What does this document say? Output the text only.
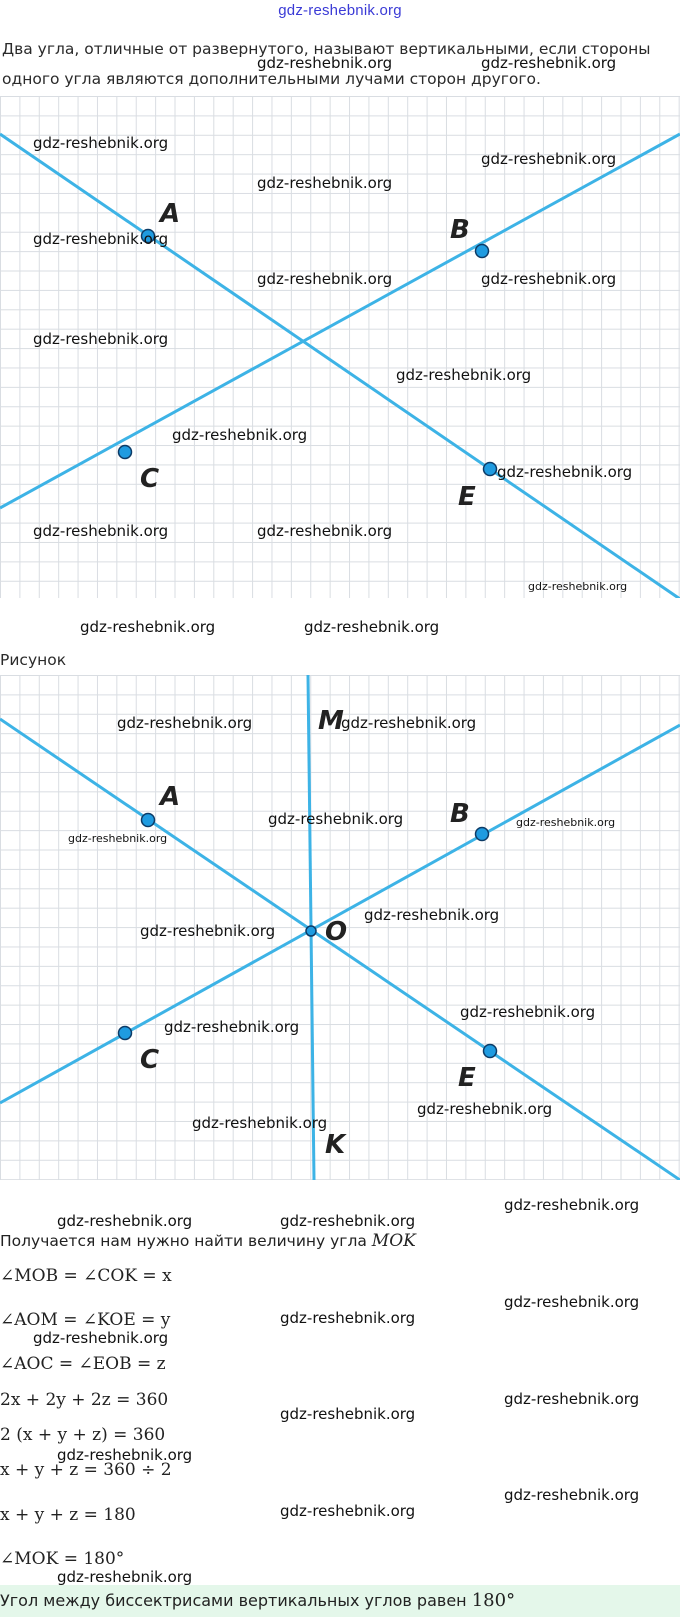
gdz-reshebnik.org
Два угла, отличные от развернутого, называют вертикальными, если стороны одного угла являются дополнительными лучами сторон другого.
A
B
C
E
Рисунок
A
B
C
E
M
K
O
Получается нам нужно найти величину угла MOK
∠MOB = ∠COK = x
∠AOM = ∠KOE = y
∠AOC = ∠EOB = z
2x + 2y + 2z = 360
2 (x + y + z) = 360
x + y + z = 360 ÷ 2
x + y + z = 180
∠MOK = 180°
Угол между биссектрисами вертикальных углов равен 180°
gdz-reshebnik.org	gdz-reshebnik.org
gdz-reshebnik.org
gdz-reshebnik.org
gdz-reshebnik.org
gdz-reshebnik.org
gdz-reshebnik.org	gdz-reshebnik.org
gdz-reshebnik.org
gdz-reshebnik.org
gdz-reshebnik.org
gdz-reshebnik.org
gdz-reshebnik.org	gdz-reshebnik.org
gdz-reshebnik.org
gdz-reshebnik.org	gdz-reshebnik.org
gdz-reshebnik.org	gdz-reshebnik.org
gdz-reshebnik.org
gdz-reshebnik.org	gdz-reshebnik.org
gdz-reshebnik.org
gdz-reshebnik.org
gdz-reshebnik.org
gdz-reshebnik.org
gdz-reshebnik.org
gdz-reshebnik.org
gdz-reshebnik.org
gdz-reshebnik.org	gdz-reshebnik.org
gdz-reshebnik.org
gdz-reshebnik.org
gdz-reshebnik.org
gdz-reshebnik.org
gdz-reshebnik.org
gdz-reshebnik.org
gdz-reshebnik.org
gdz-reshebnik.org
gdz-reshebnik.org
